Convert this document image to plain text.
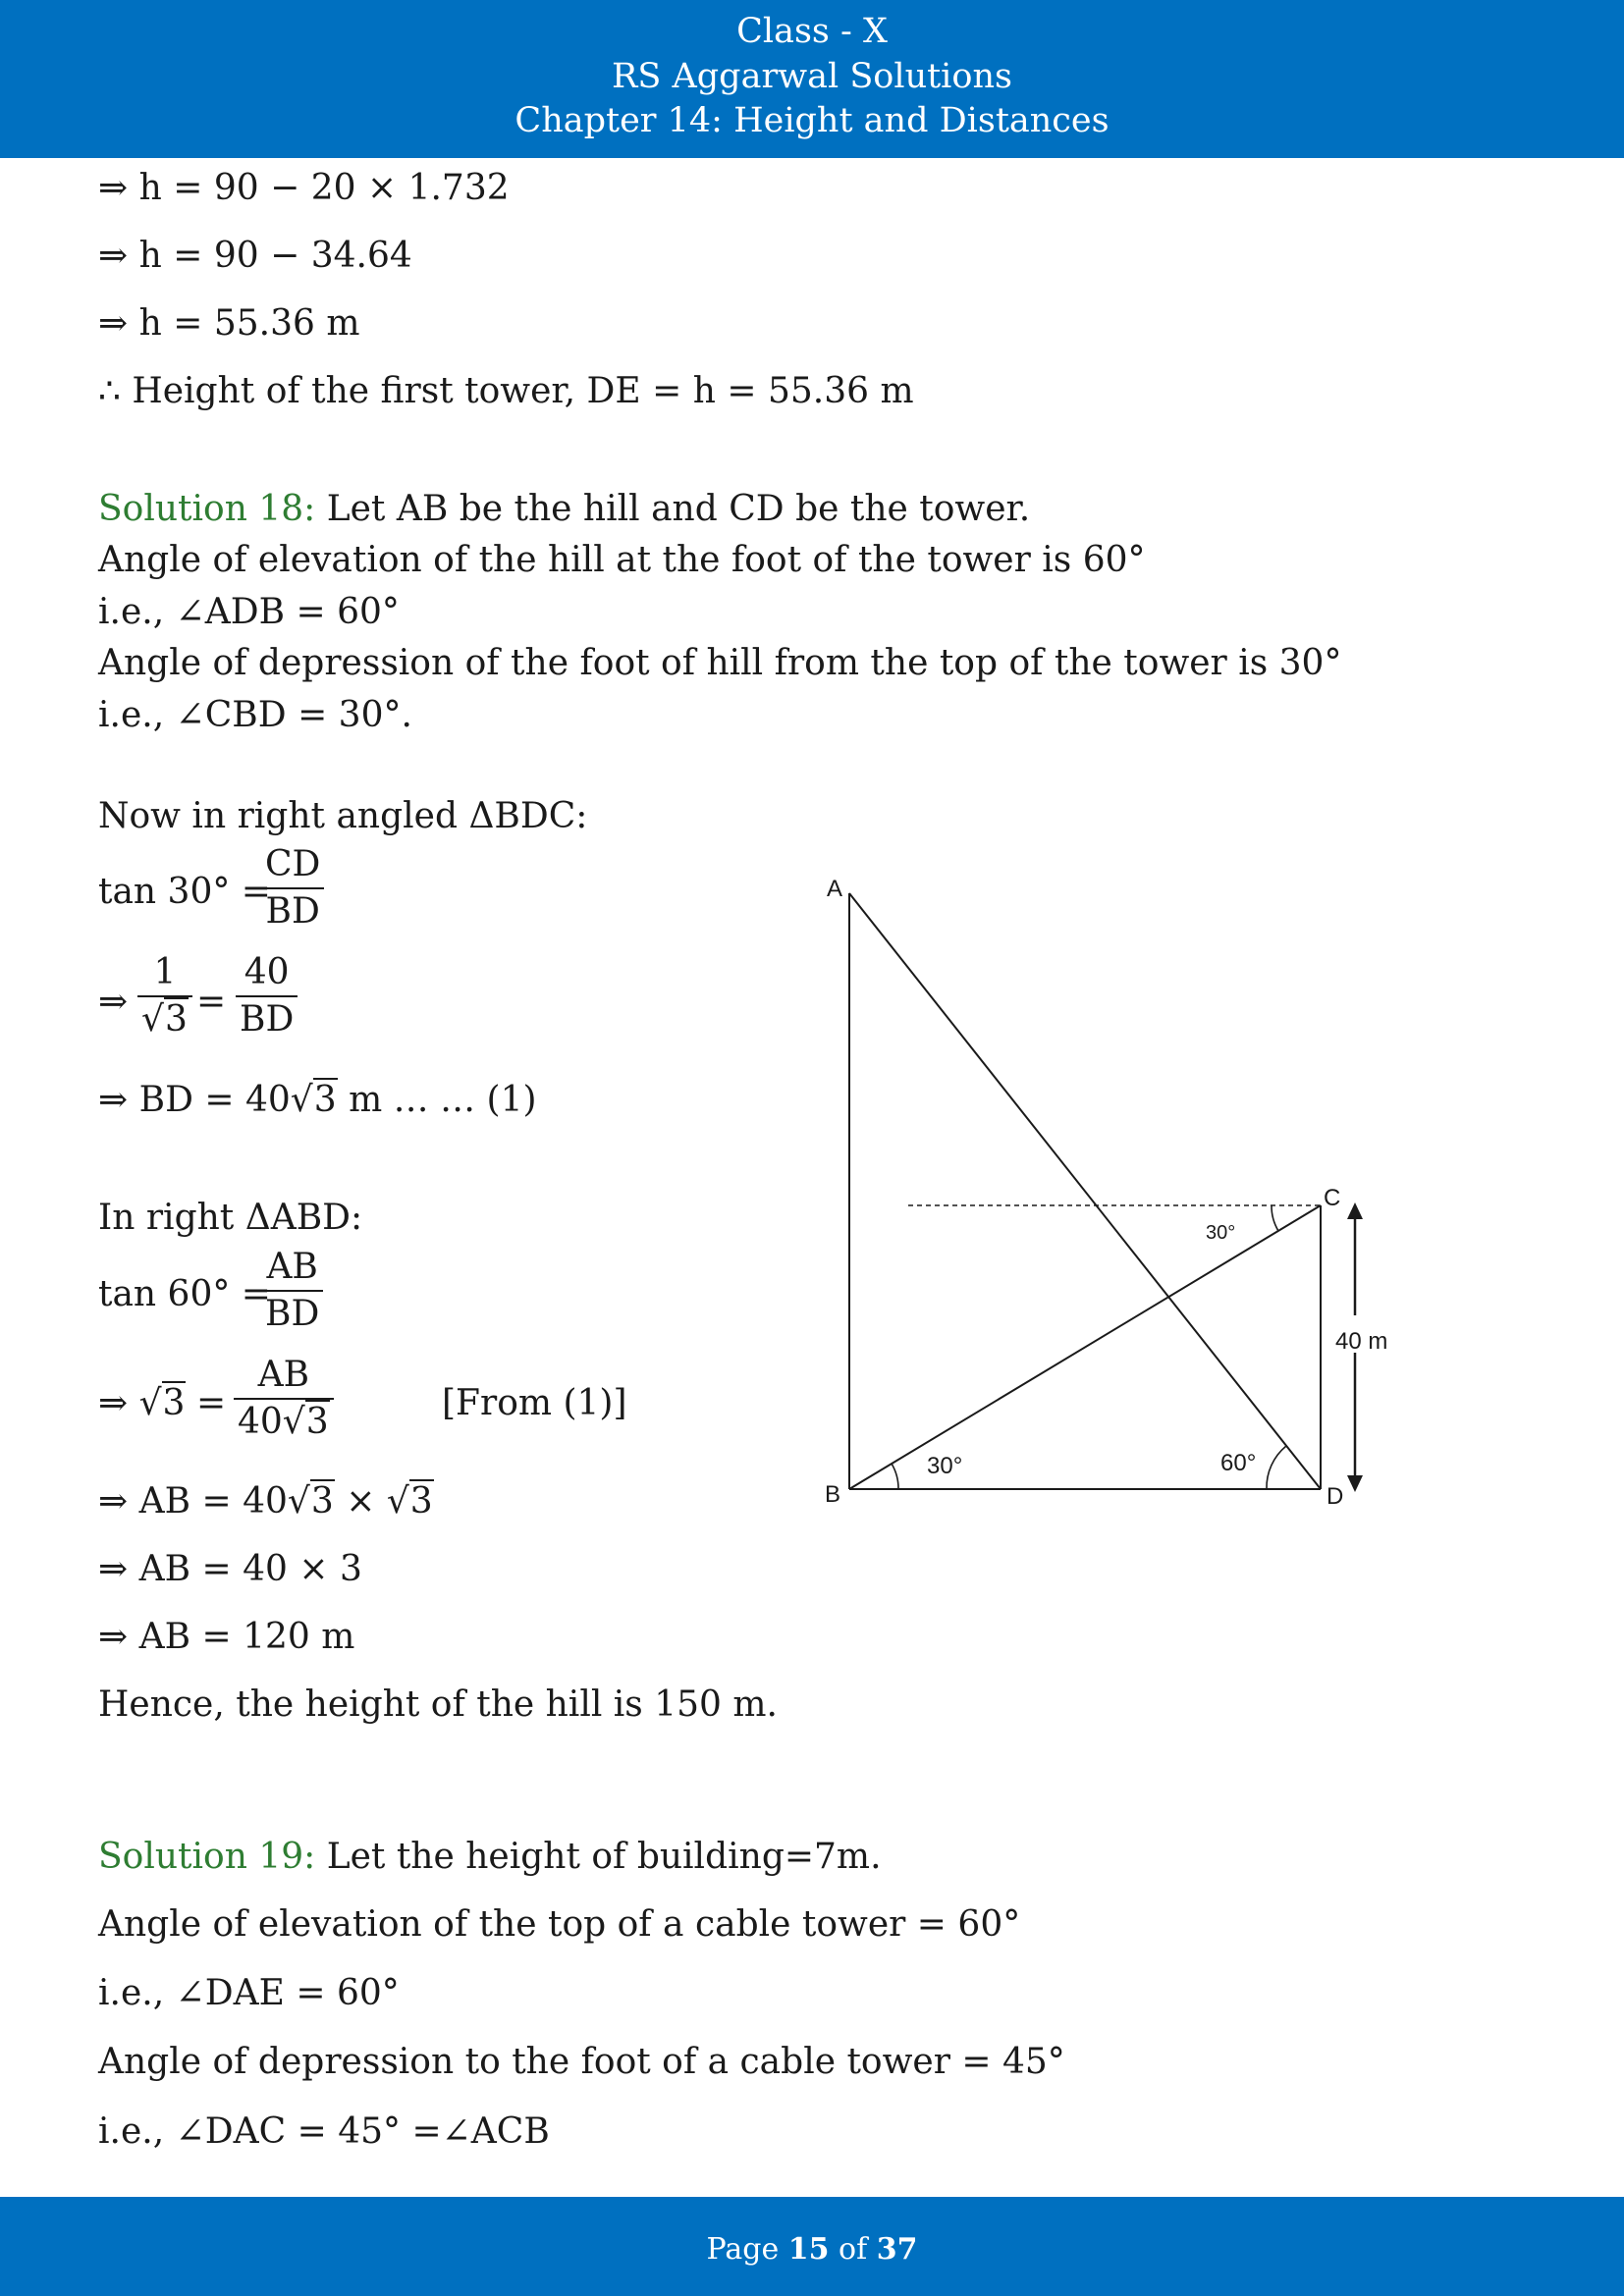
Class - X
RS Aggarwal Solutions
Chapter 14: Height and Distances
⇒ h = 90 − 20 × 1.732
⇒ h = 90 − 34.64
⇒ h = 55.36 m
∴ Height of the first tower, DE = h = 55.36 m
Solution 18: Let AB be the hill and CD be the tower.
Angle of elevation of the hill at the foot of the tower is 60°
i.e., ∠ADB = 60°
Angle of depression of the foot of hill from the top of the tower is 30°
i.e., ∠CBD = 30°.
Now in right angled ΔBDC:
tan 30° =
$\frac{CD}{BD}$
⇒ $\frac{1}{√3} = \frac{40}{BD}$
⇒ BD = 40√3 m … … (1)
In right ΔABD:
tan 60° =
$\frac{AB}{BD}$
⇒ $√3 = \frac{AB}{40√3}$	[From (1)]
⇒ AB = 40√3 × √3
⇒ AB = 40 × 3
⇒ AB = 120 m
Hence, the height of the hill is 150 m.
A
B
C
D
30°
30°	60°
40 m
Solution 19: Let the height of building=7m.
Angle of elevation of the top of a cable tower = 60°
i.e., ∠DAE = 60°
Angle of depression to the foot of a cable tower = 45°
i.e., ∠DAC = 45° =∠ACB
Page 15 of 37
